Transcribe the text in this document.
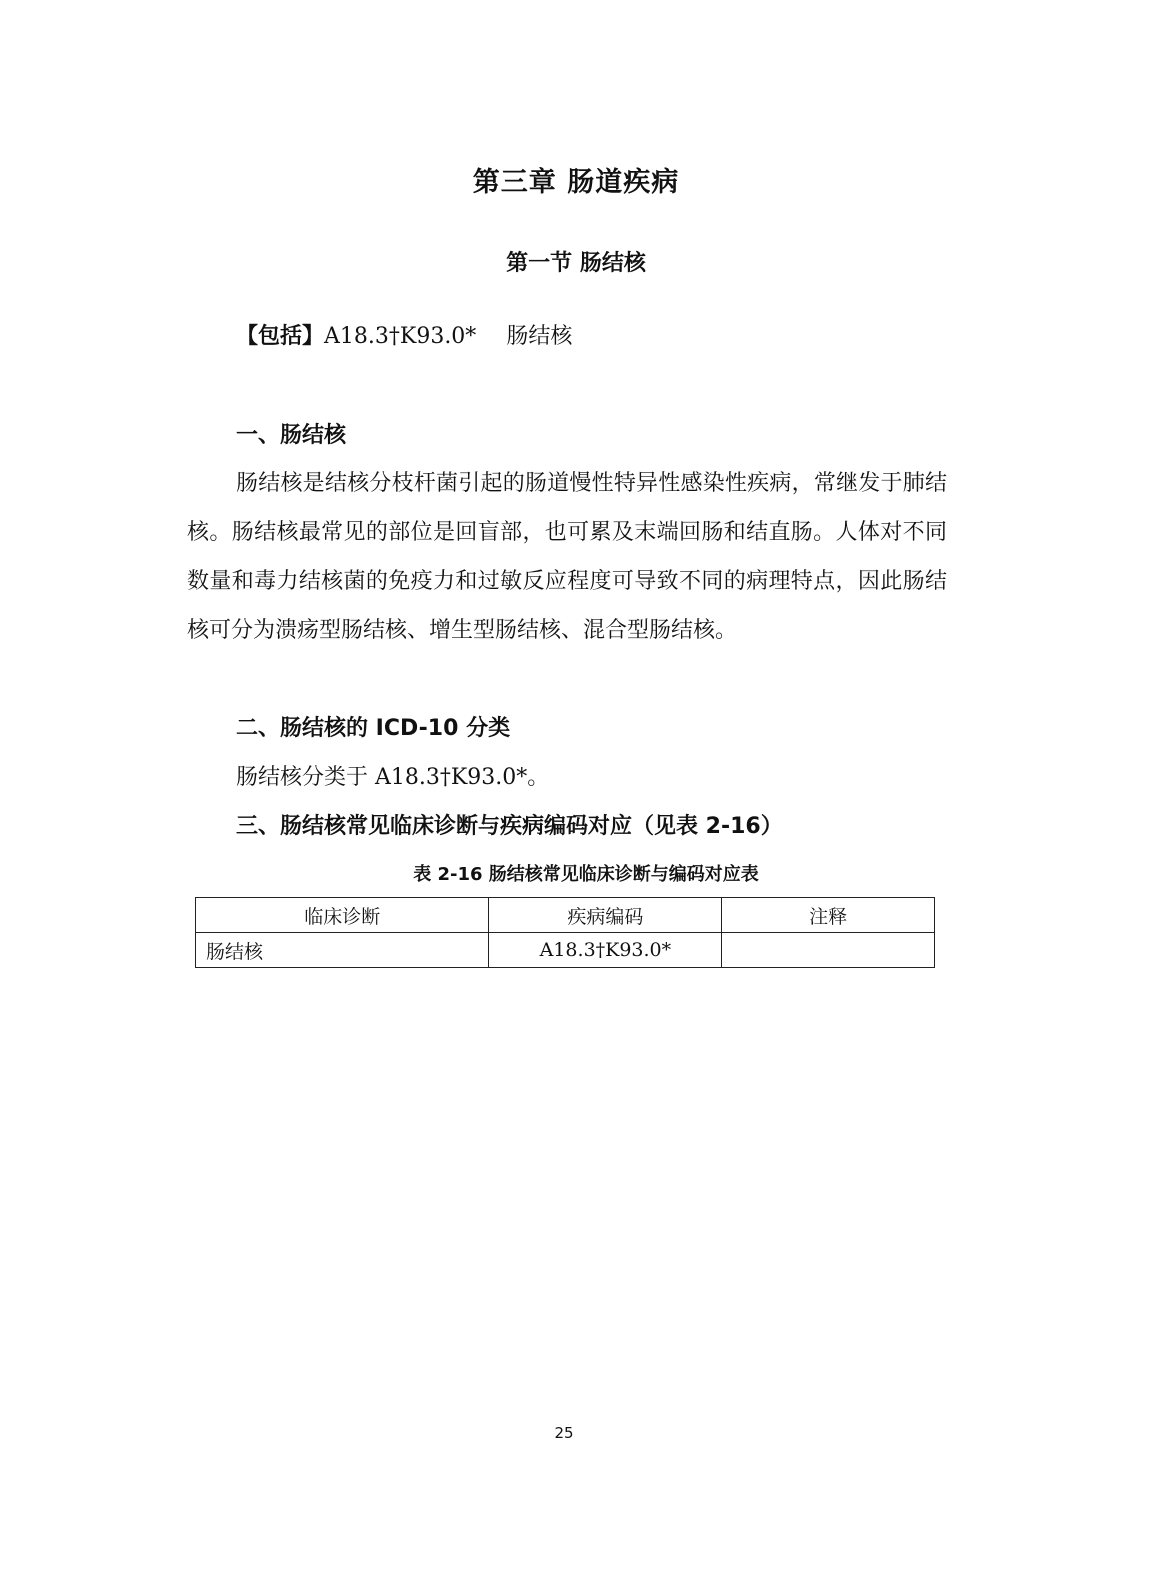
第三章 肠道疾病
第一节 肠结核
【包括】A18.3†K93.0* 肠结核
一、肠结核
肠结核是结核分枝杆菌引起的肠道慢性特异性感染性疾病，常继发于肺结核。肠结核最常见的部位是回盲部，也可累及末端回肠和结直肠。人体对不同数量和毒力结核菌的免疫力和过敏反应程度可导致不同的病理特点，因此肠结核可分为溃疡型肠结核、增生型肠结核、混合型肠结核。
二、肠结核的 ICD-10 分类
肠结核分类于 A18.3†K93.0*。
三、肠结核常见临床诊断与疾病编码对应（见表 2-16）
表 2-16 肠结核常见临床诊断与编码对应表
临床诊断	疾病编码	注释
肠结核	A18.3†K93.0*	
25
